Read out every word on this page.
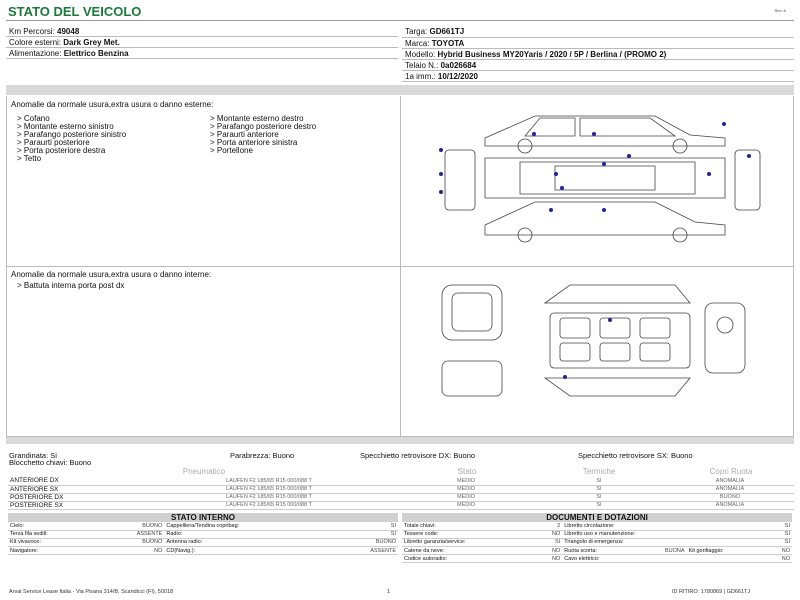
STATO DEL VEICOLO	Rev. A
Km Percorsi: 49048
Colore esterni: Dark Grey Met.
Alimentazione: Elettrico Benzina
Targa: GD661TJ
Marca: TOYOTA
Modello: Hybrid Business MY20Yaris / 2020 / 5P / Berlina / (PROMO 2)
Telaio N.: 0a026684
1a imm.: 10/12/2020
Anomalie da normale usura,extra usura o danno esterne:
> Cofano
> Montante esterno sinistro
> Parafango posteriore sinistro
> Paraurti posteriore
> Porta posteriore destra
> Tetto
> Montante esterno destro
> Parafango posteriore destro
> Paraurti anteriore
> Porta anteriore sinistra
> Portellone
Anomalie da normale usura,extra usura o danno interne:
> Battuta interna porta post dx
Grandinata: Si	Parabrezza: Buono	Specchietto retrovisore DX: Buono	Specchietto retrovisore SX: Buono
Blocchetto chiavi: Buono
Pneumatico	Stato	Termiche	Copri Ruota
ANTERIORE DX	LAUFEN F2 185/65 R15 000/088 T	MEDIO	SI	ANOMALIA
ANTERIORE SX	LAUFEN F2 185/65 R15 000/088 T	MEDIO	SI	ANOMALIA
POSTERIORE DX	LAUFEN F2 185/65 R15 000/088 T	MEDIO	SI	BUONO
POSTERIORE SX	LAUFEN F2 185/65 R15 000/088 T	MEDIO	SI	ANOMALIA
STATO INTERNO
Cielo:	BUONO	Cappelliera/Tendina copribag:	SI
Terza fila sedili:	ASSENTE	Radio:	SI
Kit vivavoce:	BUONO	Antenna radio:	BUONO
Navigatore:	NO	CD(Navig.):	ASSENTE
DOCUMENTI E DOTAZIONI
Totale chiavi:	2	Libretto circolazione:			SI
Tessere code:	NO	Libretto uso e manutenzione:			SI
Libretto garanzia/service:	SI	Triangolo di emergenza:			SI
Catene da neve:	NO	Ruota scorta:	BUONA	Kit gonfiaggio:	NO
Codice autoradio:	NO	Cavo elettrico:			NO
Arval Service Lease Italia - Via Pisana 314/B, Scandicci (FI), 50018	1	ID RITIRO: 1780869 | GD661TJ
